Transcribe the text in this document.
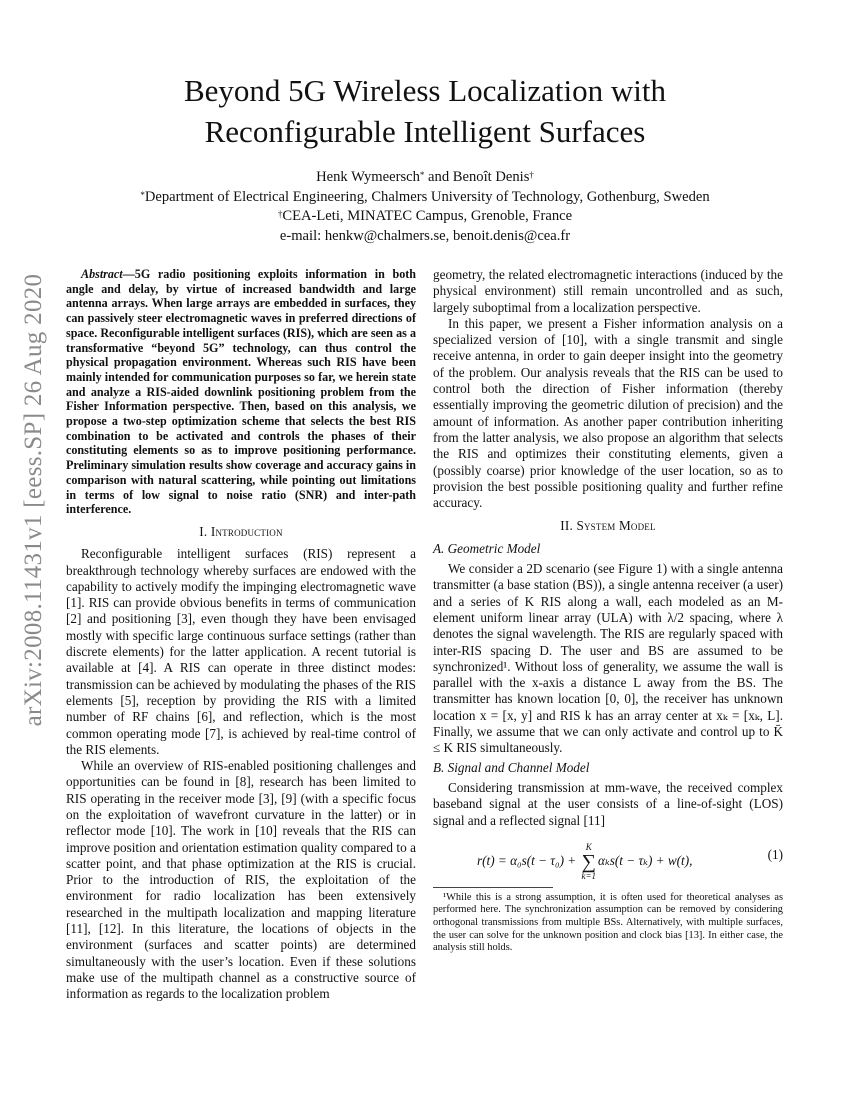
arXiv:2008.11431v1 [eess.SP] 26 Aug 2020
Beyond 5G Wireless Localization with
Reconfigurable Intelligent Surfaces

Henk Wymeersch* and Benoît Denis†

*Department of Electrical Engineering, Chalmers University of Technology, Gothenburg, Sweden

†CEA-Leti, MINATEC Campus, Grenoble, France

e-mail: henkw@chalmers.se, benoit.denis@cea.fr

Abstract—5G radio positioning exploits information in both angle and delay, by virtue of increased bandwidth and large antenna arrays. When large arrays are embedded in surfaces, they can passively steer electromagnetic waves in preferred directions of space. Reconfigurable intelligent surfaces (RIS), which are seen as a transformative “beyond 5G” technology, can thus control the physical propagation environment. Whereas such RIS have been mainly intended for communication purposes so far, we herein state and analyze a RIS-aided downlink positioning problem from the Fisher Information perspective. Then, based on this analysis, we propose a two-step optimization scheme that selects the best RIS combination to be activated and controls the phases of their constituting elements so as to improve positioning performance. Preliminary simulation results show coverage and accuracy gains in comparison with natural scattering, while pointing out limitations in terms of low signal to noise ratio (SNR) and inter-path interference.

I. Introduction

Reconfigurable intelligent surfaces (RIS) represent a breakthrough technology whereby surfaces are endowed with the capability to actively modify the impinging electromagnetic wave [1]. RIS can provide obvious benefits in terms of communication [2] and positioning [3], even though they have been envisaged mostly with specific large continuous surface settings (rather than discrete elements) for the latter application. A recent tutorial is available at [4]. A RIS can operate in three distinct modes: transmission can be achieved by modulating the phases of the RIS elements [5], reception by providing the RIS with a limited number of RF chains [6], and reflection, which is the most common operating mode [7], is achieved by real-time control of the RIS elements.

While an overview of RIS-enabled positioning challenges and opportunities can be found in [8], research has been limited to RIS operating in the receiver mode [3], [9] (with a specific focus on the exploitation of wavefront curvature in the latter) or in reflector mode [10]. The work in [10] reveals that the RIS can improve position and orientation estimation quality compared to a scatter point, and that phase optimization at the RIS is crucial. Prior to the introduction of RIS, the exploitation of the environment for radio localization has been extensively researched in the multipath localization and mapping literature [11], [12]. In this literature, the locations of objects in the environment (surfaces and scatter points) are determined simultaneously with the user’s location. Even if these solutions make use of the multipath channel as a constructive source of information as regards to the localization problem

geometry, the related electromagnetic interactions (induced by the physical environment) still remain uncontrolled and as such, largely suboptimal from a localization perspective.

In this paper, we present a Fisher information analysis on a specialized version of [10], with a single transmit and single receive antenna, in order to gain deeper insight into the geometry of the problem. Our analysis reveals that the RIS can be used to control both the direction of Fisher information (thereby essentially improving the geometric dilution of precision) and the amount of information. As another paper contribution inheriting from the latter analysis, we also propose an algorithm that selects the RIS and optimizes their constituting elements, given a (possibly coarse) prior knowledge of the user location, so as to provision the best possible positioning quality and further refine accuracy.

II. System Model
A. Geometric Model

We consider a 2D scenario (see Figure 1) with a single antenna transmitter (a base station (BS)), a single antenna receiver (a user) and a series of K RIS along a wall, each modeled as an M-element uniform linear array (ULA) with λ/2 spacing, where λ denotes the signal wavelength. The RIS are regularly spaced with inter-RIS spacing D. The user and BS are assumed to be synchronized¹. Without loss of generality, we assume the wall is parallel with the x-axis a distance L away from the BS. The transmitter has known location [0, 0], the receiver has unknown location x = [x, y] and RIS k has an array center at xₖ = [xₖ, L]. Finally, we assume that we can only activate and control up to K̄ ≤ K RIS simultaneously.

B. Signal and Channel Model

Considering transmission at mm-wave, the received complex baseband signal at the user consists of a line-of-sight (LOS) signal and a reflected signal [11]

r(t) = α₀s(t − τ₀) +
K
∑
k=1
αₖs(t − τₖ) + w(t),	(1)

¹While this is a strong assumption, it is often used for theoretical analyses as performed here. The synchronization assumption can be removed by considering orthogonal transmissions from multiple BSs. Alternatively, with multiple surfaces, the user can solve for the unknown position and clock bias [13]. In either case, the analysis still holds.
